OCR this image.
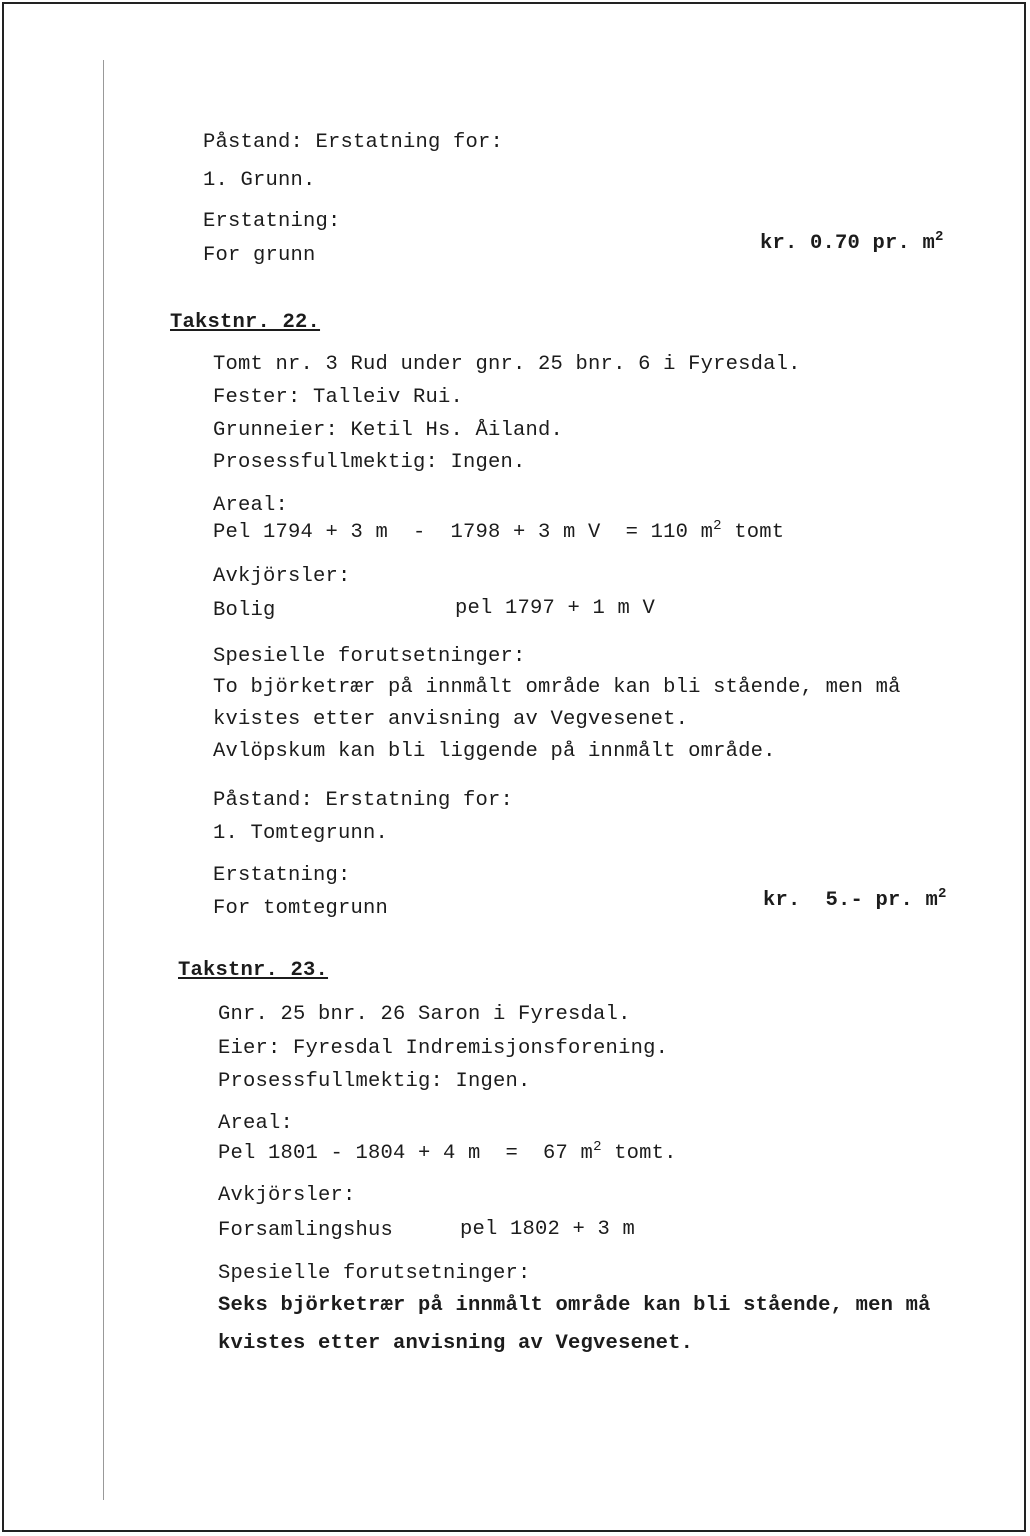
Påstand: Erstatning for:
1. Grunn.
Erstatning:
For grunn
kr. 0.70 pr. $m^2$
Takstnr. 22.
Tomt nr. 3 Rud under gnr. 25 bnr. 6 i Fyresdal.
Fester: Talleiv Rui.
Grunneier: Ketil Hs. Åiland.
Prosessfullmektig: Ingen.
Areal:
Pel 1794 + 3 m  -  1798 + 3 m V  = 110 $m^2$ tomt
Avkjörsler:
Bolig	pel 1797 + 1 m V
Spesielle forutsetninger:
To björketrær på innmålt område kan bli stående, men må
kvistes etter anvisning av Vegvesenet.
Avlöpskum kan bli liggende på innmålt område.
Påstand: Erstatning for:
1. Tomtegrunn.
Erstatning:
For tomtegrunn	kr.  5.- pr. $m^2$
Takstnr. 23.
Gnr. 25 bnr. 26 Saron i Fyresdal.
Eier: Fyresdal Indremisjonsforening.
Prosessfullmektig: Ingen.
Areal:
Pel 1801 - 1804 + 4 m  =  67 $m^2$ tomt.
Avkjörsler:
Forsamlingshus	pel 1802 + 3 m
Spesielle forutsetninger:
Seks björketrær på innmålt område kan bli stående, men må
kvistes etter anvisning av Vegvesenet.
